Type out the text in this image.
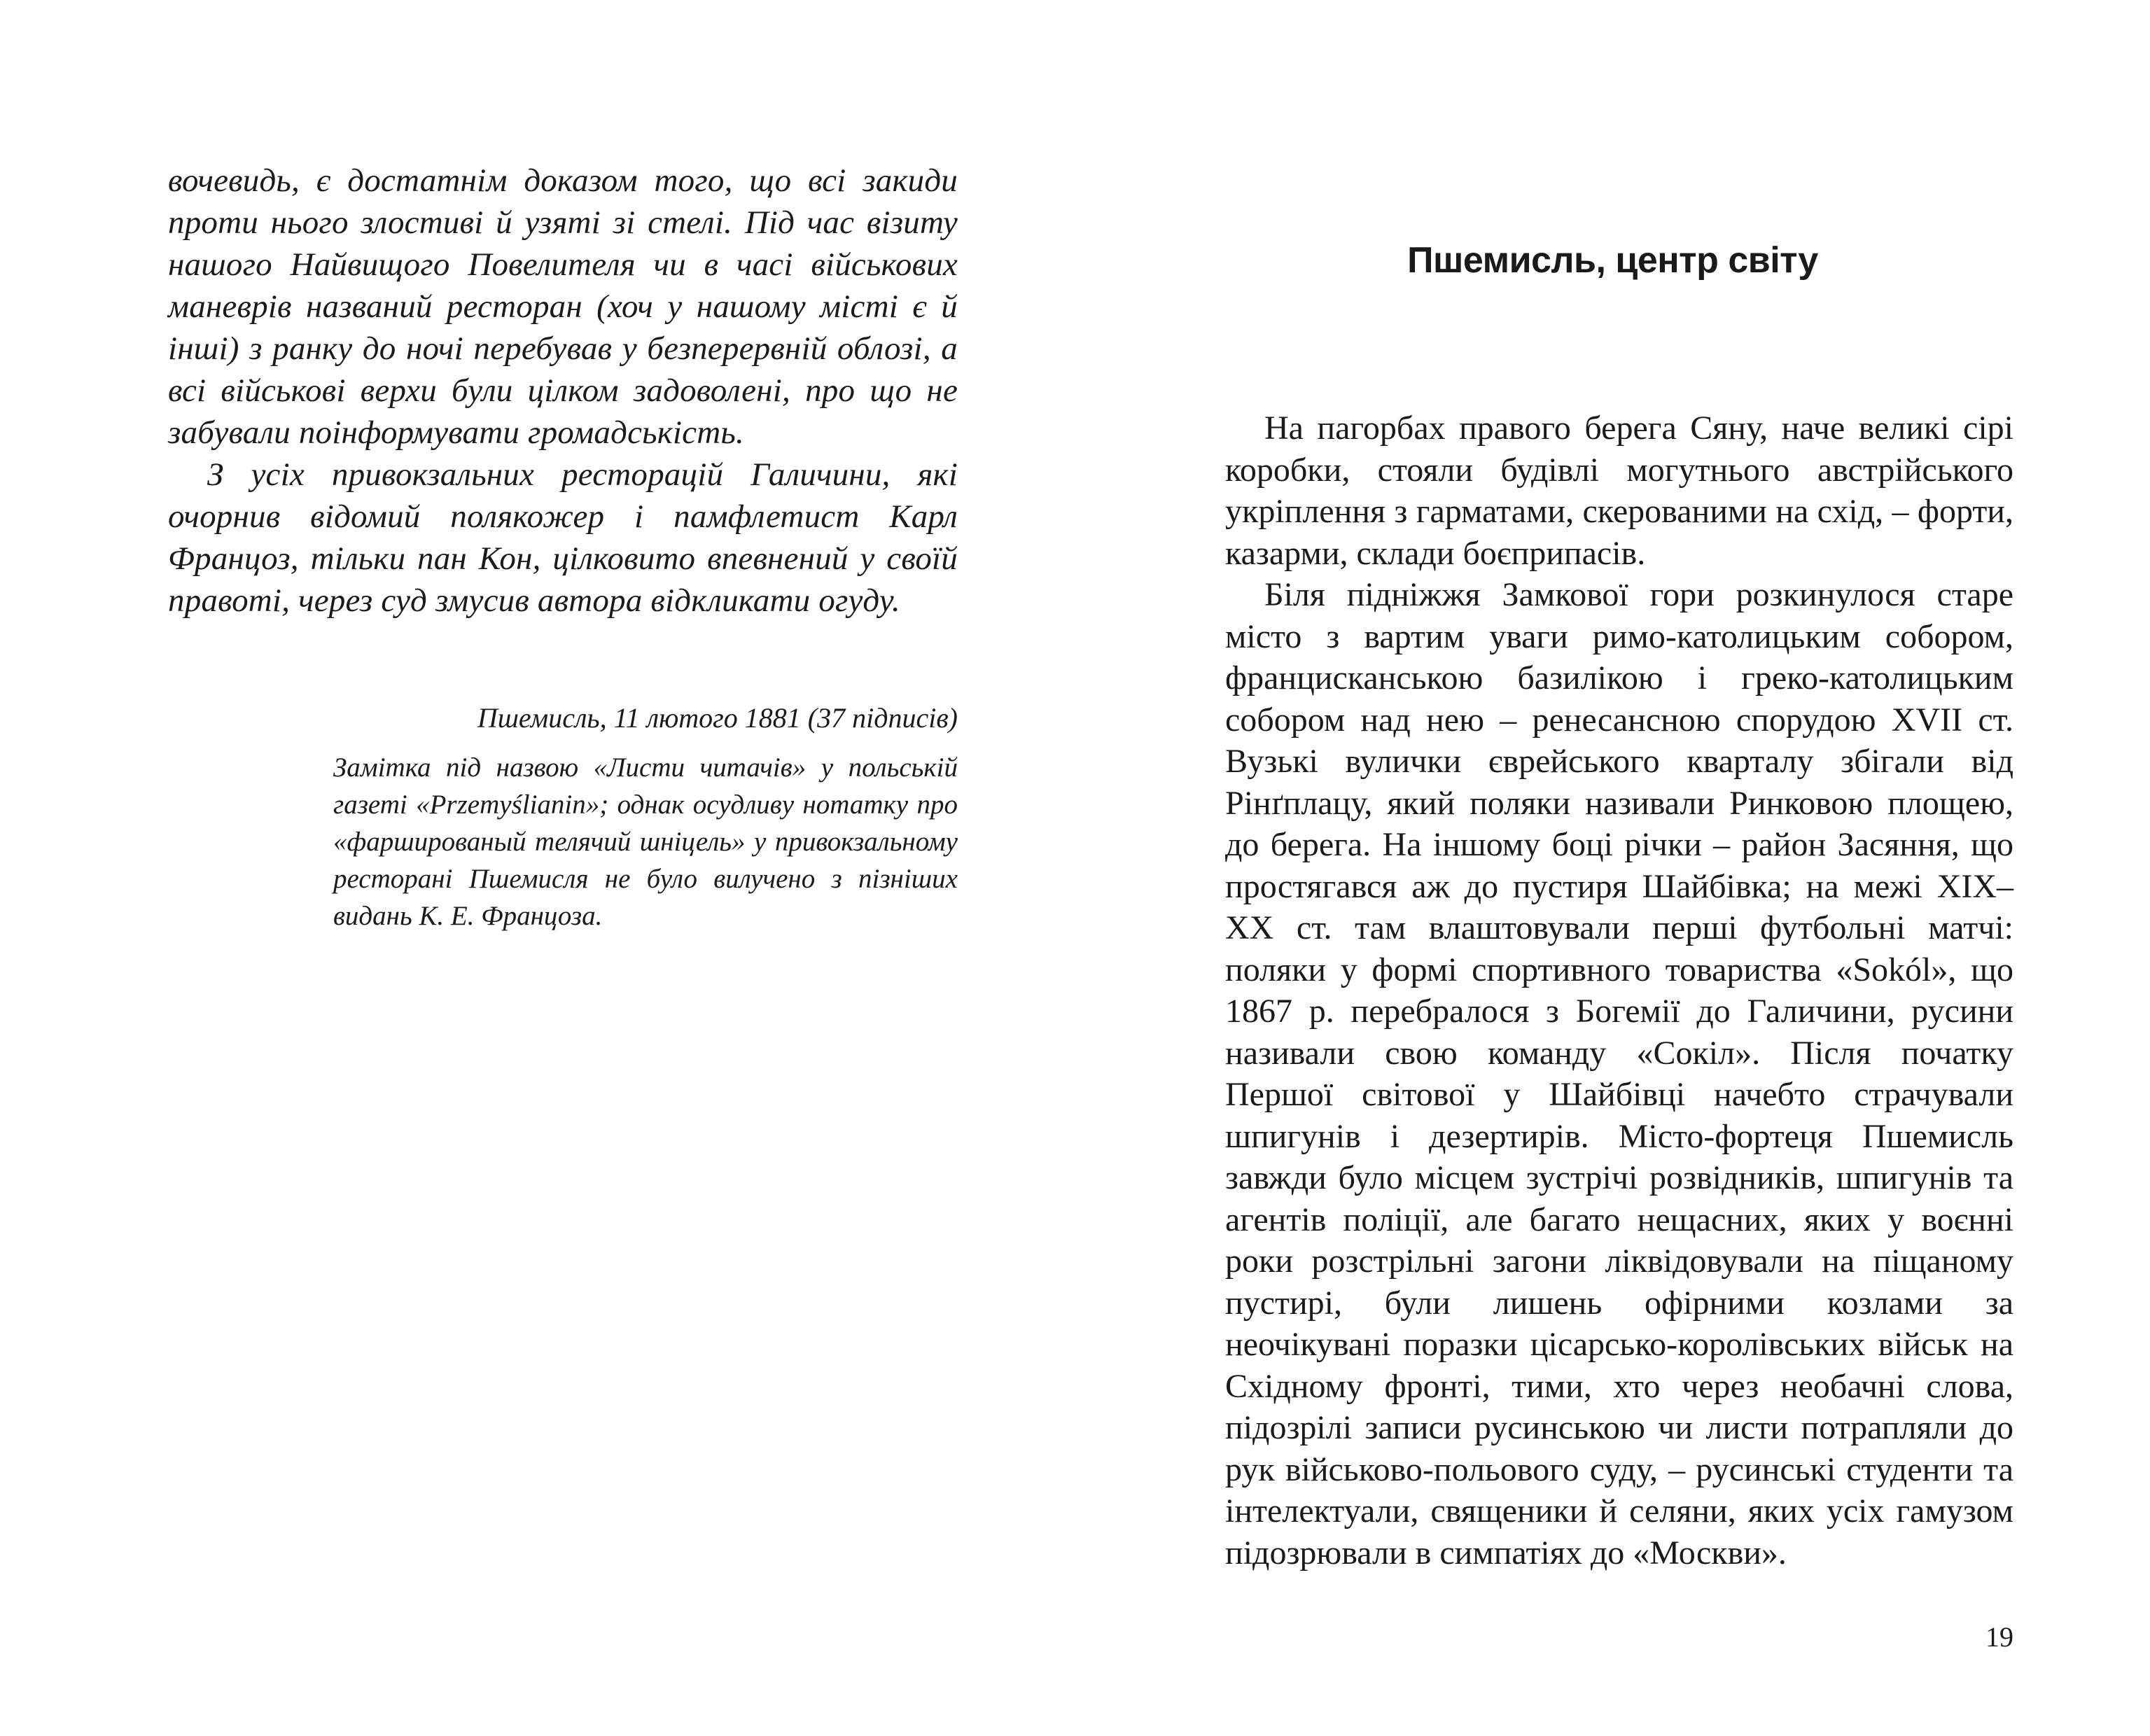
вочевидь, є достатнім доказом того, що всі закиди проти нього злостиві й узяті зі стелі. Під час візиту нашого Найвищого Повелителя чи в часі військових маневрів названий ресторан (хоч у нашому місті є й інші) з ранку до ночі перебував у безперервній облозі, а всі військові верхи були цілком задоволені, про що не забували поінформувати громадськість.

З усіх привокзальних ресторацій Галичини, які очорнив відомий полякожер і памфлетист Карл Францоз, тільки пан Кон, цілковито впевнений у своїй правоті, через суд змусив автора відкликати огуду.

Пшемисль, 11 лютого 1881 (37 підписів)

Замітка під назвою «Листи читачів» у польській газеті «Przemyślianin»; однак осудливу нотатку про «фаршированый телячий шніцель» у привокзальному ресторані Пшемисля не було вилучено з пізніших видань К. Е. Францоза.

Пшемисль, центр світу

На пагорбах правого берега Сяну, наче великі сірі коробки, стояли будівлі могутнього австрійського укріплення з гарматами, скерованими на схід, – форти, казарми, склади боєприпасів.

Біля підніжжя Замкової гори розкинулося старе місто з вартим уваги римо-католицьким собором, францисканською базилікою і греко-католицьким собором над нею – ренесансною спорудою XVII ст. Вузькі вулички єврейського кварталу збігали від Рінґплацу, який поляки називали Ринковою площею, до берега. На іншому боці річки – район Засяння, що простягався аж до пустиря Шайбівка; на межі XIX–XX ст. там влаштовували перші футбольні матчі: поляки у формі спортивного товариства «Sokól», що 1867 р. перебралося з Богемії до Галичини, русини називали свою команду «Сокіл». Після початку Першої світової у Шайбівці начебто страчували шпигунів і дезертирів. Місто-фортеця Пшемисль завжди було місцем зустрічі розвідників, шпигунів та агентів поліції, але багато нещасних, яких у воєнні роки розстрільні загони ліквідовували на піщаному пустирі, були лишень офірними козлами за неочікувані поразки цісарсько-королівських військ на Східному фронті, тими, хто через необачні слова, підозрілі записи русинською чи листи потрапляли до рук військово-польового суду, – русинські студенти та інтелектуали, священики й селяни, яких усіх гамузом підозрювали в симпатіях до «Москви».

19
